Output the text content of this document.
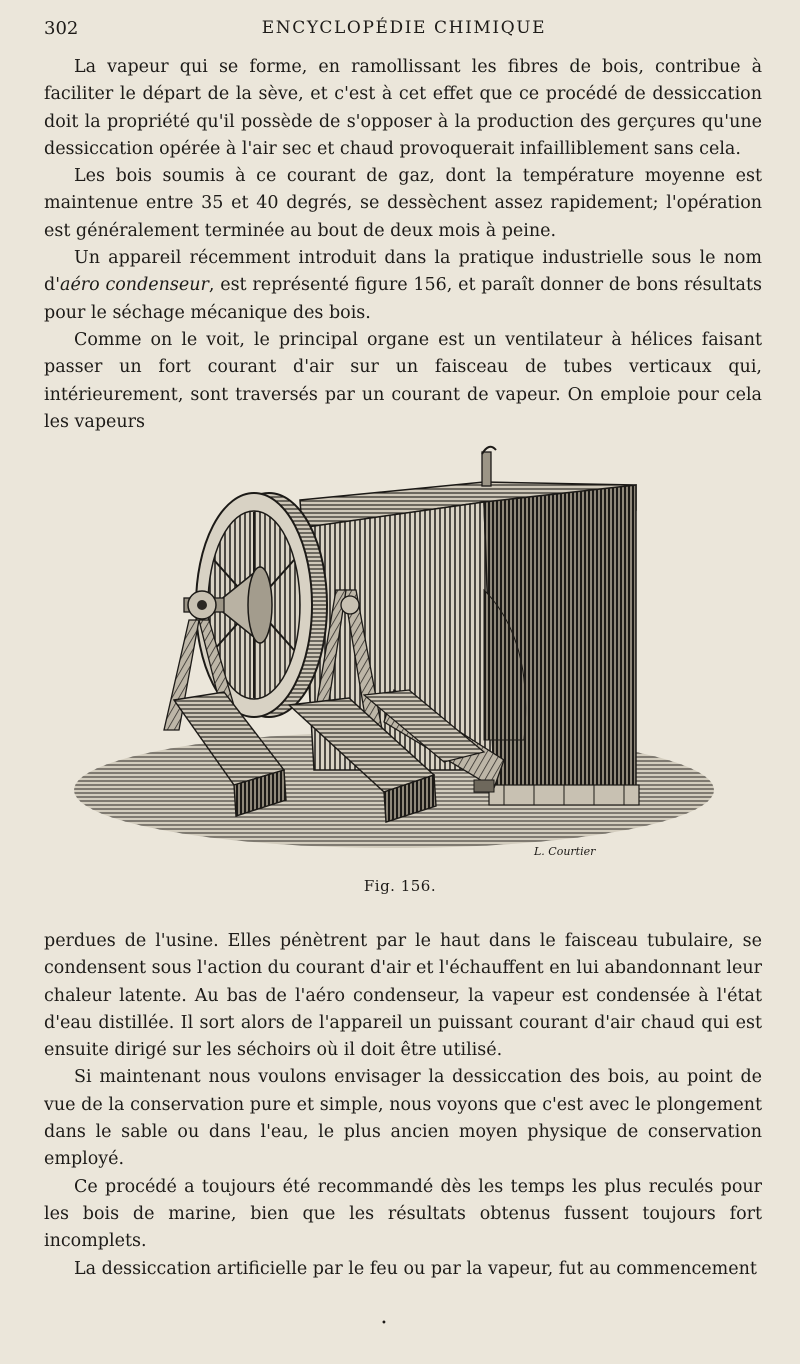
302	ENCYCLOPÉDIE CHIMIQUE

La vapeur qui se forme, en ramollissant les fibres de bois, contribue à faciliter le départ de la sève, et c'est à cet effet que ce procédé de dessiccation doit la propriété qu'il possède de s'opposer à la production des gerçures qu'une dessiccation opérée à l'air sec et chaud provoquerait infailliblement sans cela.

Les bois soumis à ce courant de gaz, dont la température moyenne est maintenue entre 35 et 40 degrés, se dessèchent assez rapidement; l'opération est généralement terminée au bout de deux mois à peine.

Un appareil récemment introduit dans la pratique industrielle sous le nom d'aéro condenseur, est représenté figure 156, et paraît donner de bons résultats pour le séchage mécanique des bois.

Comme on le voit, le principal organe est un ventilateur à hélices faisant passer un fort courant d'air sur un faisceau de tubes verticaux qui, intérieurement, sont traversés par un courant de vapeur. On emploie pour cela les vapeurs

L. Courtier
Fig. 156.

perdues de l'usine. Elles pénètrent par le haut dans le faisceau tubulaire, se condensent sous l'action du courant d'air et l'échauffent en lui abandonnant leur chaleur latente. Au bas de l'aéro condenseur, la vapeur est condensée à l'état d'eau distillée. Il sort alors de l'appareil un puissant courant d'air chaud qui est ensuite dirigé sur les séchoirs où il doit être utilisé.

Si maintenant nous voulons envisager la dessiccation des bois, au point de vue de la conservation pure et simple, nous voyons que c'est avec le plongement dans le sable ou dans l'eau, le plus ancien moyen physique de conservation employé.

Ce procédé a toujours été recommandé dès les temps les plus reculés pour les bois de marine, bien que les résultats obtenus fussent toujours fort incomplets.

La dessiccation artificielle par le feu ou par la vapeur, fut au commencement

•
